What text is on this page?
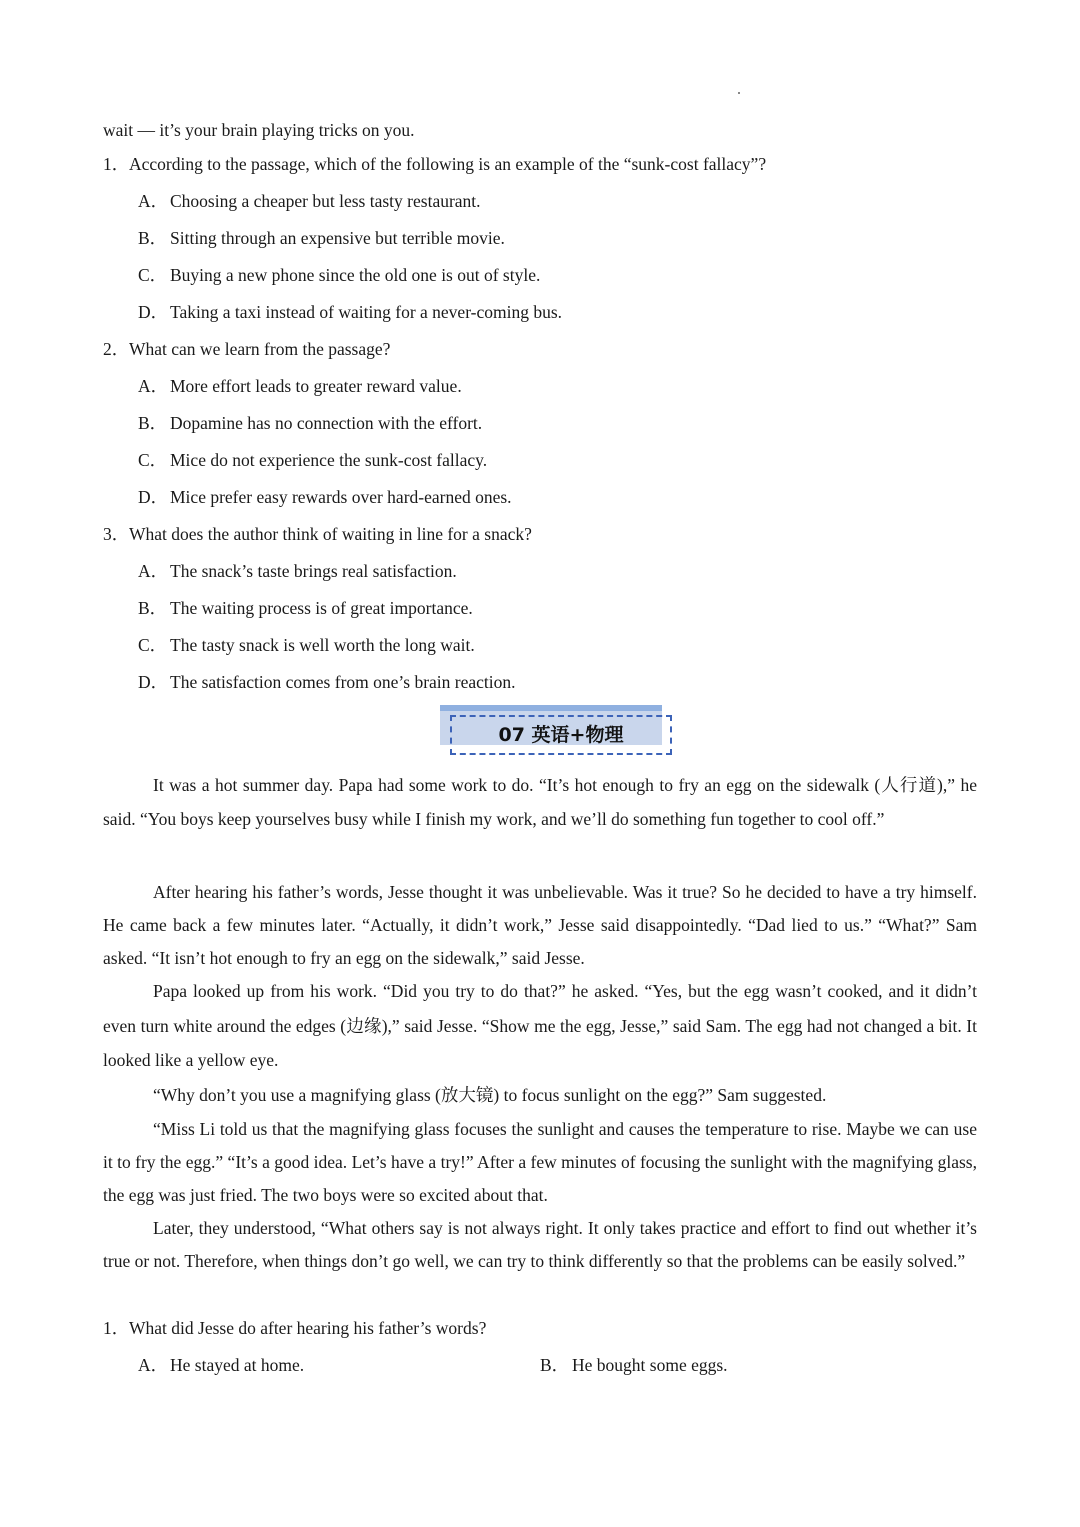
wait — it’s your brain playing tricks on you.
1．According to the passage, which of the following is an example of the “sunk-cost fallacy”?
A． Choosing a cheaper but less tasty restaurant.
B． Sitting through an expensive but terrible movie.
C． Buying a new phone since the old one is out of style.
D． Taking a taxi instead of waiting for a never-coming bus.
2．What can we learn from the passage?
A． More effort leads to greater reward value.
B． Dopamine has no connection with the effort.
C． Mice do not experience the sunk-cost fallacy.
D． Mice prefer easy rewards over hard-earned ones.
3．What does the author think of waiting in line for a snack?
A． The snack’s taste brings real satisfaction.
B． The waiting process is of great importance.
C． The tasty snack is well worth the long wait.
D． The satisfaction comes from one’s brain reaction.
07 英语+物理
It was a hot summer day. Papa had some work to do. “It’s hot enough to fry an egg on the sidewalk (人行道),” he said. “You boys keep yourselves busy while I finish my work, and we’ll do something fun together to cool off.”
After hearing his father’s words, Jesse thought it was unbelievable. Was it true? So he decided to have a try himself. He came back a few minutes later. “Actually, it didn’t work,” Jesse said disappointedly. “Dad lied to us.” “What?” Sam asked. “It isn’t hot enough to fry an egg on the sidewalk,” said Jesse.
Papa looked up from his work. “Did you try to do that?” he asked. “Yes, but the egg wasn’t cooked, and it didn’t even turn white around the edges (边缘),” said Jesse. “Show me the egg, Jesse,” said Sam. The egg had not changed a bit. It looked like a yellow eye.
“Why don’t you use a magnifying glass (放大镜) to focus sunlight on the egg?” Sam suggested.
“Miss Li told us that the magnifying glass focuses the sunlight and causes the temperature to rise. Maybe we can use it to fry the egg.” “It’s a good idea. Let’s have a try!” After a few minutes of focusing the sunlight with the magnifying glass, the egg was just fried. The two boys were so excited about that.
Later, they understood, “What others say is not always right. It only takes practice and effort to find out whether it’s true or not. Therefore, when things don’t go well, we can try to think differently so that the problems can be easily solved.”
1．What did Jesse do after hearing his father’s words?
A． He stayed at home.	B． He bought some eggs.
